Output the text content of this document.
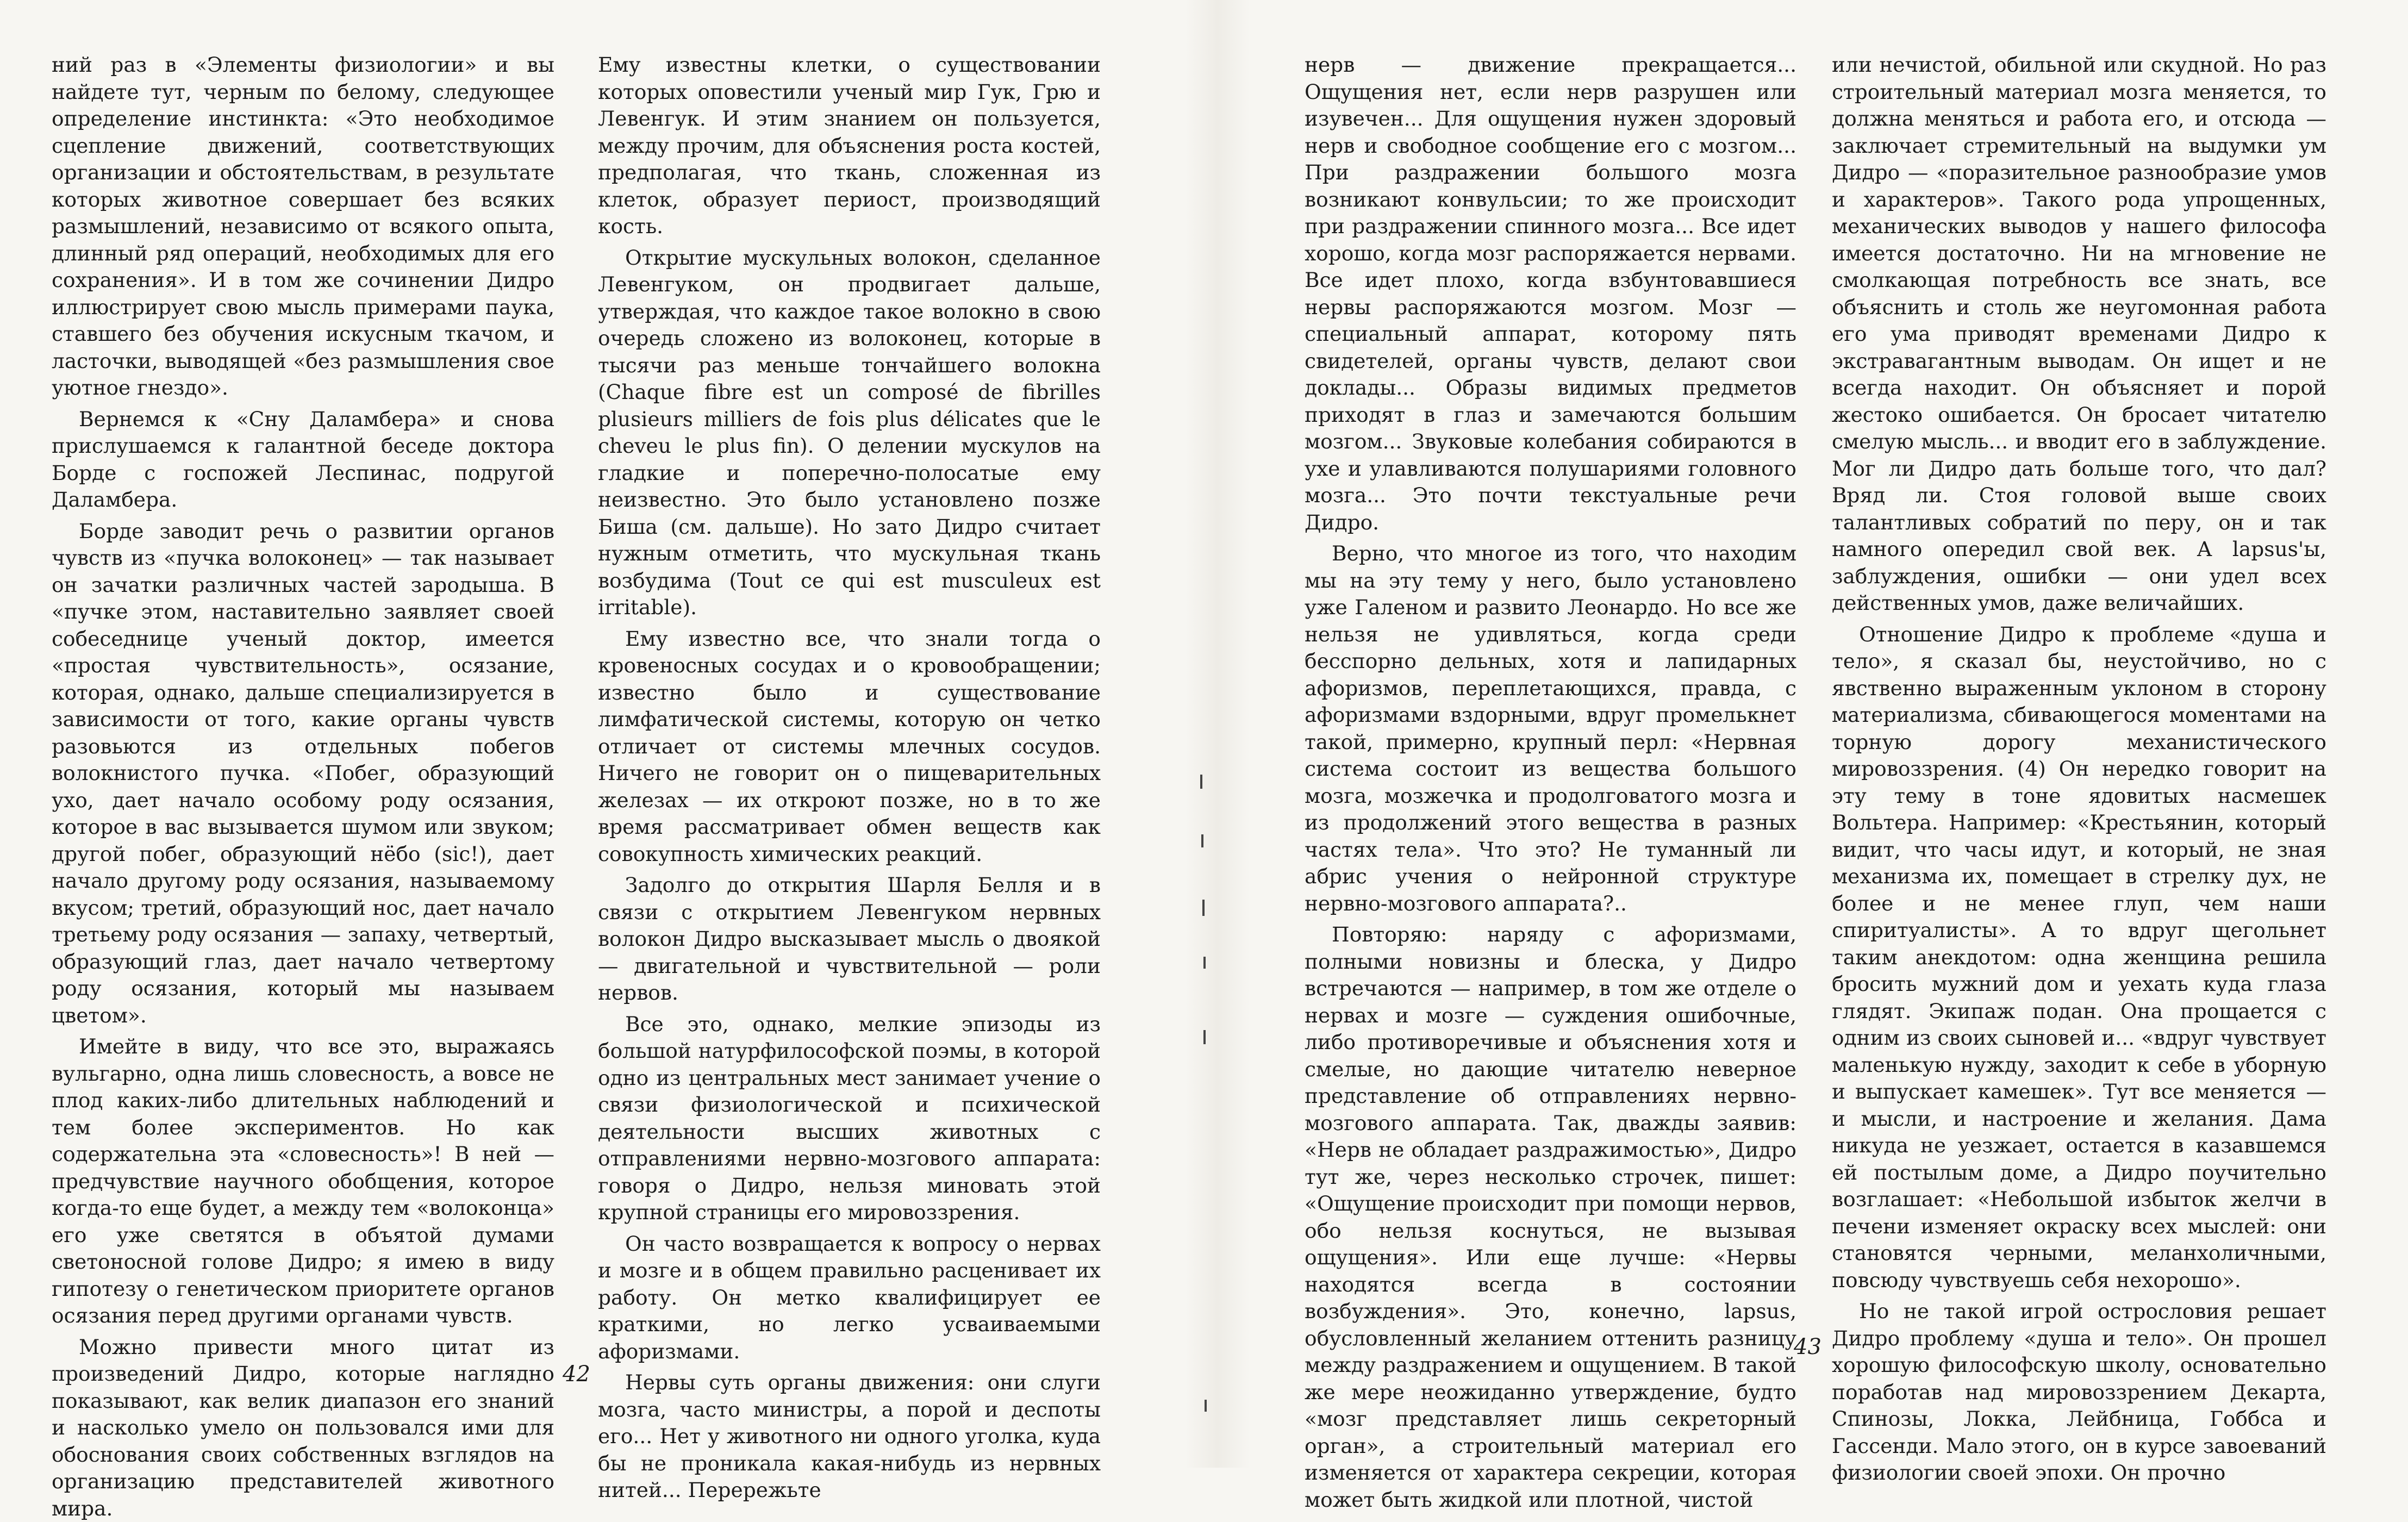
ний раз в «Элементы физиологии» и вы найдете тут, черным по белому, следующее определение инстинкта: «Это необходимое сцепление движений, соответствующих организации и обстоятельствам, в результате которых животное совершает без всяких размышлений, независимо от всякого опыта, длинный ряд операций, необходимых для его сохранения». И в том же сочинении Дидро иллюстрирует свою мысль примерами паука, ставшего без обучения искусным ткачом, и ласточки, выводящей «без размышления свое уютное гнездо».

Вернемся к «Сну Даламбера» и снова прислушаемся к галантной беседе доктора Борде с госпожей Леспинас, подругой Даламбера.

Борде заводит речь о развитии органов чувств из «пучка волоконец» — так называет он зачатки различных частей зародыша. В «пучке этом, наставительно заявляет своей собеседнице ученый доктор, имеется «простая чувствительность», осязание, которая, однако, дальше специализируется в зависимости от того, какие органы чувств разовьются из отдельных побегов волокнистого пучка. «Побег, образующий ухо, дает начало особому роду осязания, которое в вас вызывается шумом или звуком; другой побег, образующий нёбо (sic!), дает начало другому роду осязания, называемому вкусом; третий, образующий нос, дает начало третьему роду осязания — запаху, четвертый, образующий глаз, дает начало четвертому роду осязания, который мы называем цветом».

Имейте в виду, что все это, выражаясь вульгарно, одна лишь словесность, а вовсе не плод каких-либо длительных наблюдений и тем более экспериментов. Но как содержательна эта «словесность»! В ней — предчувствие научного обобщения, которое когда-то еще будет, а между тем «волоконца» его уже светятся в объятой думами светоносной голове Дидро; я имею в виду гипотезу о генетическом приоритете органов осязания перед другими органами чувств.

Можно привести много цитат из произведений Дидро, которые наглядно показывают, как велик диапазон его знаний и насколько умело он пользовался ими для обоснования своих собственных взглядов на организацию представителей животного мира.

Ему известны клетки, о существовании которых оповестили ученый мир Гук, Грю и Левенгук. И этим знанием он пользуется, между прочим, для объяснения роста костей, предполагая, что ткань, сложенная из клеток, образует периост, производящий кость.

Открытие мускульных волокон, сделанное Левенгуком, он продвигает дальше, утверждая, что каждое такое волокно в свою очередь сложено из волоконец, которые в тысячи раз меньше тончайшего волокна (Chaque fibre est un composé de fibrilles plusieurs milliers de fois plus délicates que le cheveu le plus fin). О делении мускулов на гладкие и поперечно-полосатые ему неизвестно. Это было установлено позже Биша (см. дальше). Но зато Дидро считает нужным отметить, что мускульная ткань возбудима (Tout ce qui est musculeux est irritable).

Ему известно все, что знали тогда о кровеносных сосудах и о кровообращении; известно было и существование лимфатической системы, которую он четко отличает от системы млечных сосудов. Ничего не говорит он о пищеварительных железах — их откроют позже, но в то же время рассматривает обмен веществ как совокупность химических реакций.

Задолго до открытия Шарля Белля и в связи с открытием Левенгуком нервных волокон Дидро высказывает мысль о двоякой — двигательной и чувствительной — роли нервов.

Все это, однако, мелкие эпизоды из большой натурфилософской поэмы, в которой одно из центральных мест занимает учение о связи физиологической и психической деятельности высших животных с отправлениями нервно-мозгового аппарата: говоря о Дидро, нельзя миновать этой крупной страницы его мировоззрения.

Он часто возвращается к вопросу о нервах и мозге и в общем правильно расценивает их работу. Он метко квалифицирует ее краткими, но легко усваиваемыми афоризмами.

Нервы суть органы движения: они слуги мозга, часто министры, а порой и деспоты его... Нет у животного ни одного уголка, куда бы не проникала какая-нибудь из нервных нитей... Перережьте

42

нерв — движение прекращается... Ощущения нет, если нерв разрушен или изувечен... Для ощущения нужен здоровый нерв и свободное сообщение его с мозгом... При раздражении большого мозга возникают конвульсии; то же происходит при раздражении спинного мозга... Все идет хорошо, когда мозг распоряжается нервами. Все идет плохо, когда взбунтовавшиеся нервы распоряжаются мозгом. Мозг — специальный аппарат, которому пять свидетелей, органы чувств, делают свои доклады... Образы видимых предметов приходят в глаз и замечаются большим мозгом... Звуковые колебания собираются в ухе и улавливаются полушариями головного мозга... Это почти текстуальные речи Дидро.

Верно, что многое из того, что находим мы на эту тему у него, было установлено уже Галеном и развито Леонардо. Но все же нельзя не удивляться, когда среди бесспорно дельных, хотя и лапидарных афоризмов, переплетающихся, правда, с афоризмами вздорными, вдруг промелькнет такой, примерно, крупный перл: «Нервная система состоит из вещества большого мозга, мозжечка и продолговатого мозга и из продолжений этого вещества в разных частях тела». Что это? Не туманный ли абрис учения о нейронной структуре нервно-мозгового аппарата?..

Повторяю: наряду с афоризмами, полными новизны и блеска, у Дидро встречаются — например, в том же отделе о нервах и мозге — суждения ошибочные, либо противоречивые и объяснения хотя и смелые, но дающие читателю неверное представление об отправлениях нервно-мозгового аппарата. Так, дважды заявив: «Нерв не обладает раздражимостью», Дидро тут же, через несколько строчек, пишет: «Ощущение происходит при помощи нервов, обо нельзя коснуться, не вызывая ощущения». Или еще лучше: «Нервы находятся всегда в состоянии возбуждения». Это, конечно, lapsus, обусловленный желанием оттенить разницу между раздражением и ощущением. В такой же мере неожиданно утверждение, будто «мозг представляет лишь секреторный орган», а строительный материал его изменяется от характера секреции, которая может быть жидкой или плотной, чистой

или нечистой, обильной или скудной. Но раз строительный материал мозга меняется, то должна меняться и работа его, и отсюда — заключает стремительный на выдумки ум Дидро — «поразительное разнообразие умов и характеров». Такого рода упрощенных, механических выводов у нашего философа имеется достаточно. Ни на мгновение не смолкающая потребность все знать, все объяснить и столь же неугомонная работа его ума приводят временами Дидро к экстравагантным выводам. Он ищет и не всегда находит. Он объясняет и порой жестоко ошибается. Он бросает читателю смелую мысль... и вводит его в заблуждение. Мог ли Дидро дать больше того, что дал? Вряд ли. Стоя головой выше своих талантливых собратий по перу, он и так намного опередил свой век. А lapsus'ы, заблуждения, ошибки — они удел всех действенных умов, даже величайших.

Отношение Дидро к проблеме «душа и тело», я сказал бы, неустойчиво, но с явственно выраженным уклоном в сторону материализма, сбивающегося моментами на торную дорогу механистического мировоззрения. (4) Он нередко говорит на эту тему в тоне ядовитых насмешек Вольтера. Например: «Крестьянин, который видит, что часы идут, и который, не зная механизма их, помещает в стрелку дух, не более и не менее глуп, чем наши спиритуалисты». А то вдруг щегольнет таким анекдотом: одна женщина решила бросить мужний дом и уехать куда глаза глядят. Экипаж подан. Она прощается с одним из своих сыновей и... «вдруг чувствует маленькую нужду, заходит к себе в уборную и выпускает камешек». Тут все меняется — и мысли, и настроение и желания. Дама никуда не уезжает, остается в казавшемся ей постылым доме, а Дидро поучительно возглашает: «Небольшой избыток желчи в печени изменяет окраску всех мыслей: они становятся черными, меланхоличными, повсюду чувствуешь себя нехорошо».

Но не такой игрой остроcловия решает Дидро проблему «душа и тело». Он прошел хорошую философскую школу, основательно поработав над мировоззрением Декарта, Спинозы, Локка, Лейбница, Гоббса и Гассенди. Мало этого, он в курсе завоеваний физиологии своей эпохи. Он прочно

43
